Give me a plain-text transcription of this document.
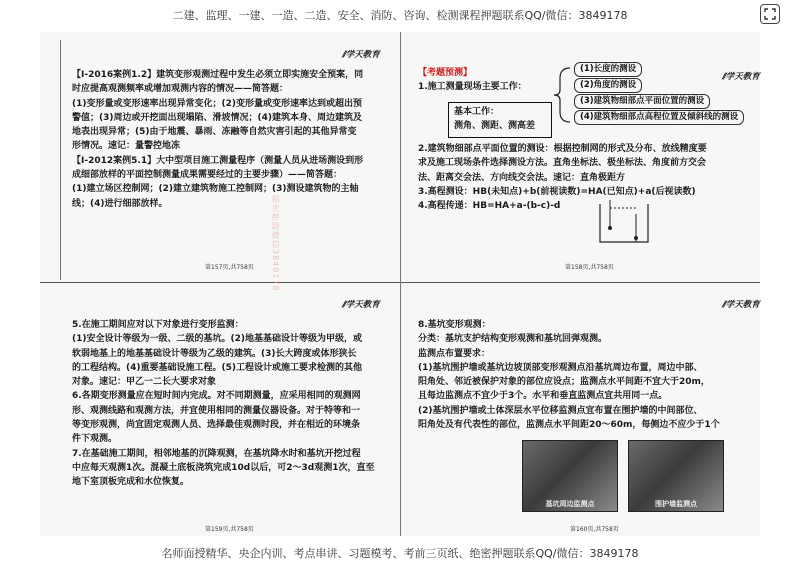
二建、监理、一建、一造、二造、安全、消防、咨询、检测课程押题联系QQ/微信：3849178
⫽学天教育

【Ⅰ-2016案例1.2】建筑变形观测过程中发生必须立即实施安全预案，同

时应提高观测频率或增加观测内容的情况——简答题：

(1)变形量或变形速率出现异常变化；(2)变形量或变形速率达到或超出预

警值；(3)周边或开挖面出现塌陷、滑坡情况；(4)建筑本身、周边建筑及

地表出现异常；(5)由于地震、暴雨、冻融等自然灾害引起的其他异常变

形情况。速记：量警控地冻

【Ⅰ-2012案例5.1】大中型项目施工测量程序（测量人员从进场测设到形

成细部放样的平面控制测量成果需要经过的主要步骤）——简答题：

(1)建立场区控制网；(2)建立建筑物施工控制网；(3)测设建筑物的主轴

线；(4)进行细部放样。	稻壳押题微信3849178
第157页,共758页
⫽学天教育

【考题预测】

1.施工测量现场主要工作：

(1)长度的测设
(2)角度的测设
(3)建筑物细部点平面位置的测设
(4)建筑物细部点高程位置及倾斜线的测设

基本工作：

测角、测距、测高差

2.建筑物细部点平面位置的测设：根据控制网的形式及分布、放线精度要

求及施工现场条件选择测设方法。直角坐标法、极坐标法、角度前方交会

法、距离交会法、方向线交会法。速记：直角极距方

3.高程测设：HB(未知点)+b(前视读数)=HA(已知点)+a(后视读数)

4.高程传递：HB=HA+a-(b-c)-d

第158页,共758页
⫽学天教育

5.在施工期间应对以下对象进行变形监测：

(1)安全设计等级为一级、二级的基坑。(2)地基基础设计等级为甲级，或

软弱地基上的地基基础设计等级为乙级的建筑。(3)长大跨度或体形狭长

的工程结构。(4)重要基础设施工程。(5)工程设计或施工要求检测的其他

对象。速记：甲乙一二长大要求对象

6.各期变形测量应在短时间内完成。对不同期测量，应采用相同的观测网

形、观测线路和观测方法，并宜使用相同的测量仪器设备。对于特等和一

等变形观测，尚宜固定观测人员、选择最佳观测时段，并在相近的环境条

件下观测。

7.在基础施工期间，相邻地基的沉降观测，在基坑降水时和基坑开挖过程

中应每天观测1次。混凝土底板浇筑完成10d以后，可2～3d观测1次，直至

地下室顶板完成和水位恢复。

第159页,共758页
⫽学天教育

8.基坑变形观测：

分类：基坑支护结构变形观测和基坑回弹观测。

监测点布置要求：

(1)基坑围护墙或基坑边坡顶部变形观测点沿基坑周边布置，周边中部、

阳角处、邻近被保护对象的部位应设点；监测点水平间距不宜大于20m，

且每边监测点不宜少于3个。水平和垂直监测点宜共用同一点。

(2)基坑围护墙或土体深层水平位移监测点宜布置在围护墙的中间部位、

阳角处及有代表性的部位，监测点水平间距20～60m，每侧边不应少于1个

基坑周边监测点	围护墙监测点
第160页,共758页
名师面授精华、央企内训、考点串讲、习题模考、考前三页纸、绝密押题联系QQ/微信：3849178
